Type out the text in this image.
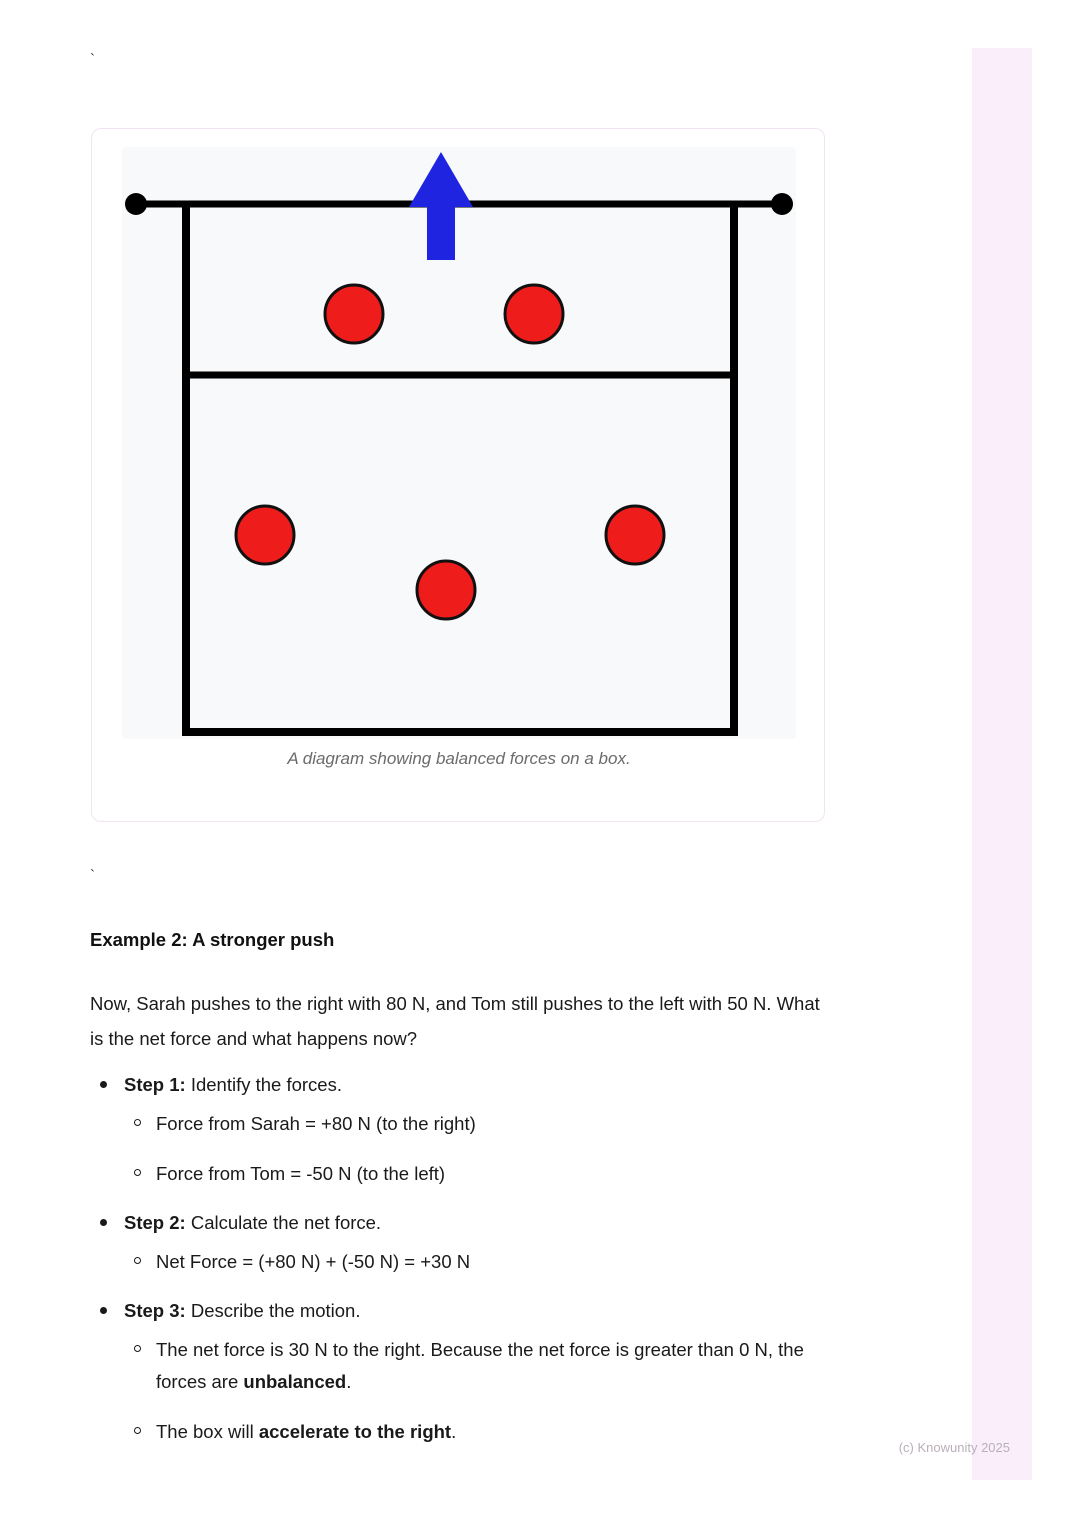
`
`
A diagram showing balanced forces on a box.
Example 2: A stronger push
Now, Sarah pushes to the right with 80 N, and Tom still pushes to the left with 50 N. What is the net force and what happens now?
Step 1: Identify the forces.
Force from Sarah = +80 N (to the right)
Force from Tom = -50 N (to the left)
Step 2: Calculate the net force.
Net Force = (+80 N) + (-50 N) = +30 N
Step 3: Describe the motion.
The net force is 30 N to the right. Because the net force is greater than 0 N, the forces are unbalanced.
The box will accelerate to the right.
(c) Knowunity 2025
